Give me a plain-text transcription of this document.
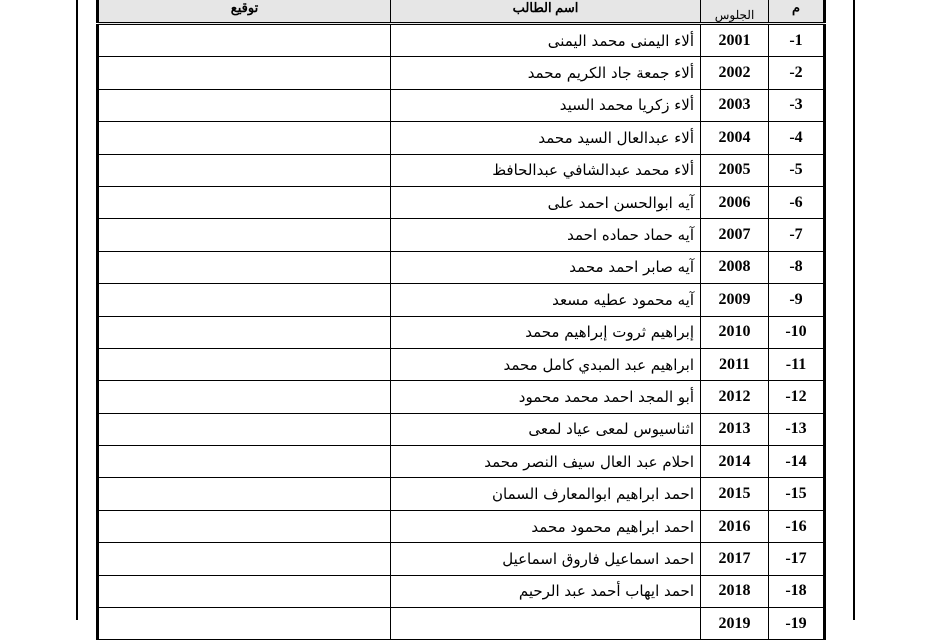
م	الجلوس	اسم الطالب	توقيع
-1	2001	ألاء اليمنى محمد اليمنى	
-2	2002	ألاء جمعة جاد الكريم محمد	
-3	2003	ألاء زكريا محمد السيد	
-4	2004	ألاء عبدالعال السيد محمد	
-5	2005	ألاء محمد عبدالشافي عبدالحافظ	
-6	2006	آيه ابوالحسن احمد على	
-7	2007	آيه حماد حماده احمد	
-8	2008	آيه صابر احمد محمد	
-9	2009	آيه محمود عطيه مسعد	
-10	2010	إبراهيم ثروت إبراهيم محمد	
-11	2011	ابراهيم عبد المبدي كامل محمد	
-12	2012	أبو المجد احمد محمد محمود	
-13	2013	اثناسيوس لمعى عياد لمعى	
-14	2014	احلام عبد العال سيف النصر محمد	
-15	2015	احمد ابراهيم ابوالمعارف السمان	
-16	2016	احمد ابراهيم محمود محمد	
-17	2017	احمد اسماعيل فاروق اسماعيل	
-18	2018	احمد ايهاب أحمد عبد الرحيم	
-19	2019		
